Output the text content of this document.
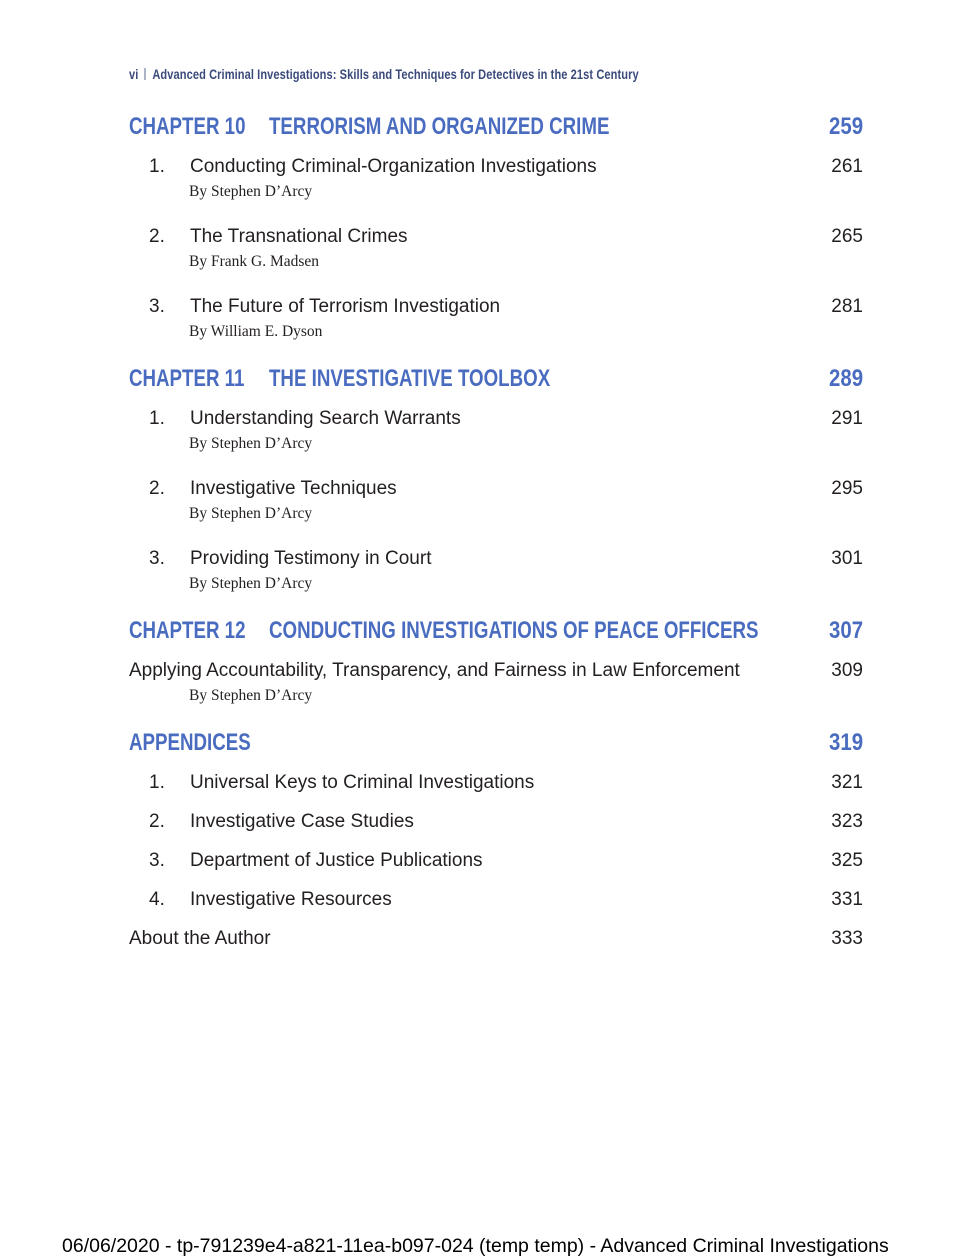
vi Advanced Criminal Investigations: Skills and Techniques for Detectives in the 21st Century
CHAPTER 10 TERRORISM AND ORGANIZED CRIME	259
1.	Conducting Criminal-Organization Investigations	261
By Stephen D’Arcy
2.	The Transnational Crimes	265
By Frank G. Madsen
3.	The Future of Terrorism Investigation	281
By William E. Dyson
CHAPTER 11 THE INVESTIGATIVE TOOLBOX	289
1.	Understanding Search Warrants	291
By Stephen D’Arcy
2.	Investigative Techniques	295
By Stephen D’Arcy
3.	Providing Testimony in Court	301
By Stephen D’Arcy
CHAPTER 12 CONDUCTING INVESTIGATIONS OF PEACE OFFICERS	307
Applying Accountability, Transparency, and Fairness in Law Enforcement	309
By Stephen D’Arcy
APPENDICES	319
1.	Universal Keys to Criminal Investigations	321
2.	Investigative Case Studies	323
3.	Department of Justice Publications	325
4.	Investigative Resources	331
About the Author	333
06/06/2020 - tp-791239e4-a821-11ea-b097-024 (temp temp) - Advanced Criminal Investigations
